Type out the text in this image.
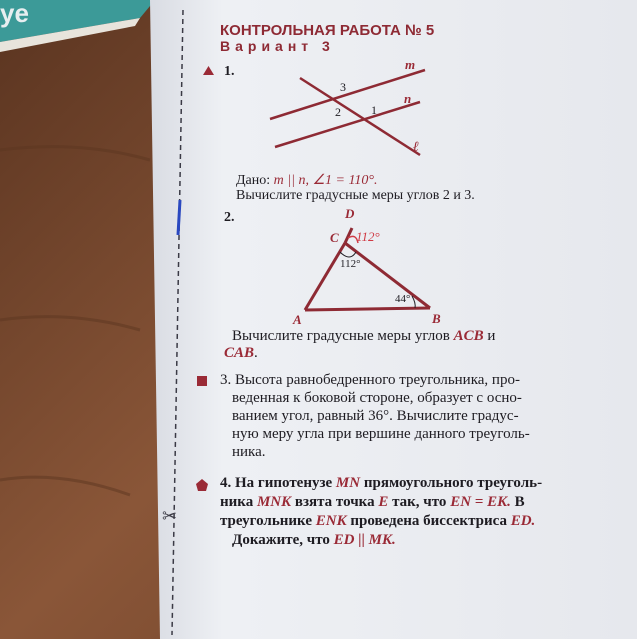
ye
✂
КОНТРОЛЬНАЯ РАБОТА № 5
Вариант 3
1.	m
n
ℓ
3
2	1
Дано: m || n, ∠1 = 110°.
Вычислите градусные меры углов 2 и 3.
2.	D
C 112°
112°
44°
A	B
Вычислите градусные меры углов ACB и
CAB.
3. Высота равнобедренного треугольника, про-
веденная к боковой стороне, образует с осно-
ванием угол, равный 36°. Вычислите градус-
ную меру угла при вершине данного треуголь-
ника.
4. На гипотенузе MN прямоугольного треуголь-
ника MNK взята точка E так, что EN = EK. В
треугольнике ENK проведена биссектриса ED.
Докажите, что ED || MK.
